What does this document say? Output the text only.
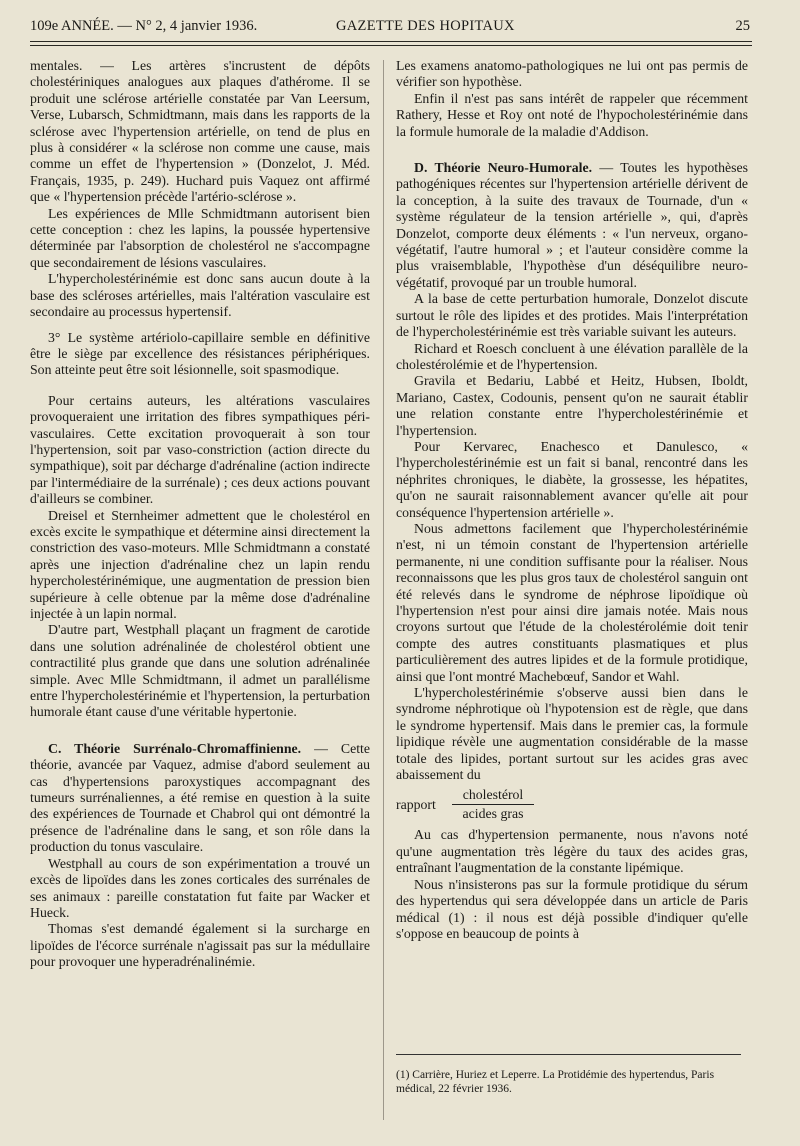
109e ANNÉE. — N° 2, 4 janvier 1936.	GAZETTE DES HOPITAUX	25

mentales. — Les artères s'incrustent de dépôts cholestériniques analogues aux plaques d'athérome. Il se produit une sclérose artérielle constatée par Van Leersum, Verse, Lubarsch, Schmidtmann, mais dans les rapports de la sclérose avec l'hypertension artérielle, on tend de plus en plus à considérer « la sclérose non comme une cause, mais comme un effet de l'hypertension » (Donzelot, J. Méd. Français, 1935, p. 249). Huchard puis Vaquez ont affirmé que « l'hypertension précède l'artério-sclérose ».

Les expériences de Mlle Schmidtmann autorisent bien cette conception : chez les lapins, la poussée hypertensive déterminée par l'absorption de cholestérol ne s'accompagne que secondairement de lésions vasculaires.

L'hypercholestérinémie est donc sans aucun doute à la base des scléroses artérielles, mais l'altération vasculaire est secondaire au processus hypertensif.

3° Le système artériolo-capillaire semble en définitive être le siège par excellence des résistances périphériques. Son atteinte peut être soit lésionnelle, soit spasmodique.

Pour certains auteurs, les altérations vasculaires provoqueraient une irritation des fibres sympathiques péri-vasculaires. Cette excitation provoquerait à son tour l'hypertension, soit par vaso-constriction (action directe du sympathique), soit par décharge d'adrénaline (action indirecte par l'intermédiaire de la surrénale) ; ces deux actions pouvant d'ailleurs se combiner.

Dreisel et Sternheimer admettent que le cholestérol en excès excite le sympathique et détermine ainsi directement la constriction des vaso-moteurs. Mlle Schmidtmann a constaté après une injection d'adrénaline chez un lapin rendu hypercholestérinémique, une augmentation de pression bien supérieure à celle obtenue par la même dose d'adrénaline injectée à un lapin normal.

D'autre part, Westphall plaçant un fragment de carotide dans une solution adrénalinée de cholestérol obtient une contractilité plus grande que dans une solution adrénalinée simple. Avec Mlle Schmidtmann, il admet un parallélisme entre l'hypercholestérinémie et l'hypertension, la perturbation humorale étant cause d'une véritable hypertonie.

C. Théorie Surrénalo-Chromaffinienne. — Cette théorie, avancée par Vaquez, admise d'abord seulement au cas d'hypertensions paroxystiques accompagnant des tumeurs surrénaliennes, a été remise en question à la suite des expériences de Tournade et Chabrol qui ont démontré la présence de l'adrénaline dans le sang, et son rôle dans la production du tonus vasculaire.

Westphall au cours de son expérimentation a trouvé un excès de lipoïdes dans les zones corticales des surrénales de ses animaux : pareille constatation fut faite par Wacker et Hueck.

Thomas s'est demandé également si la surcharge en lipoïdes de l'écorce surrénale n'agissait pas sur la médullaire pour provoquer une hyperadrénalinémie.

Les examens anatomo-pathologiques ne lui ont pas permis de vérifier son hypothèse.

Enfin il n'est pas sans intérêt de rappeler que récemment Rathery, Hesse et Roy ont noté de l'hypocholestérinémie dans la formule humorale de la maladie d'Addison.

D. Théorie Neuro-Humorale. — Toutes les hypothèses pathogéniques récentes sur l'hypertension artérielle dérivent de la conception, à la suite des travaux de Tournade, d'un « système régulateur de la tension artérielle », qui, d'après Donzelot, comporte deux éléments : « l'un nerveux, organo-végétatif, l'autre humoral » ; et l'auteur considère comme la plus vraisemblable, l'hypothèse d'un déséquilibre neuro-végétatif, provoqué par un trouble humoral.

A la base de cette perturbation humorale, Donzelot discute surtout le rôle des lipides et des protides. Mais l'interprétation de l'hypercholestérinémie est très variable suivant les auteurs.

Richard et Roesch concluent à une élévation parallèle de la cholestérolémie et de l'hypertension.

Gravila et Bedariu, Labbé et Heitz, Hubsen, Iboldt, Mariano, Castex, Codounis, pensent qu'on ne saurait établir une relation constante entre l'hypercholestérinémie et l'hypertension.

Pour Kervarec, Enachesco et Danulesco, « l'hypercholestérinémie est un fait si banal, rencontré dans les néphrites chroniques, le diabète, la grossesse, les hépatites, qu'on ne saurait raisonnablement avancer qu'elle ait pour conséquence l'hypertension artérielle ».

Nous admettons facilement que l'hypercholestérinémie n'est, ni un témoin constant de l'hypertension artérielle permanente, ni une condition suffisante pour la réaliser. Nous reconnaissons que les plus gros taux de cholestérol sanguin ont été relevés dans le syndrome de néphrose lipoïdique où l'hypertension n'est pour ainsi dire jamais notée. Mais nous croyons surtout que l'étude de la cholestérolémie doit tenir compte des autres constituants plasmatiques et plus particulièrement des autres lipides et de la formule protidique, ainsi que l'ont montré Machebœuf, Sandor et Wahl.

L'hypercholestérinémie s'observe aussi bien dans le syndrome néphrotique où l'hypotension est de règle, que dans le syndrome hypertensif. Mais dans le premier cas, la formule lipidique révèle une augmentation considérable de la masse totale des lipides, portant surtout sur les acides gras avec abaissement du

rapport
cholestérol
acides gras

Au cas d'hypertension permanente, nous n'avons noté qu'une augmentation très légère du taux des acides gras, entraînant l'augmentation de la constante lipémique.

Nous n'insisterons pas sur la formule protidique du sérum des hypertendus qui sera développée dans un article de Paris médical (1) : il nous est déjà possible d'indiquer qu'elle s'oppose en beaucoup de points à

(1) Carrière, Huriez et Leperre. La Protidémie des hypertendus, Paris médical, 22 février 1936.
